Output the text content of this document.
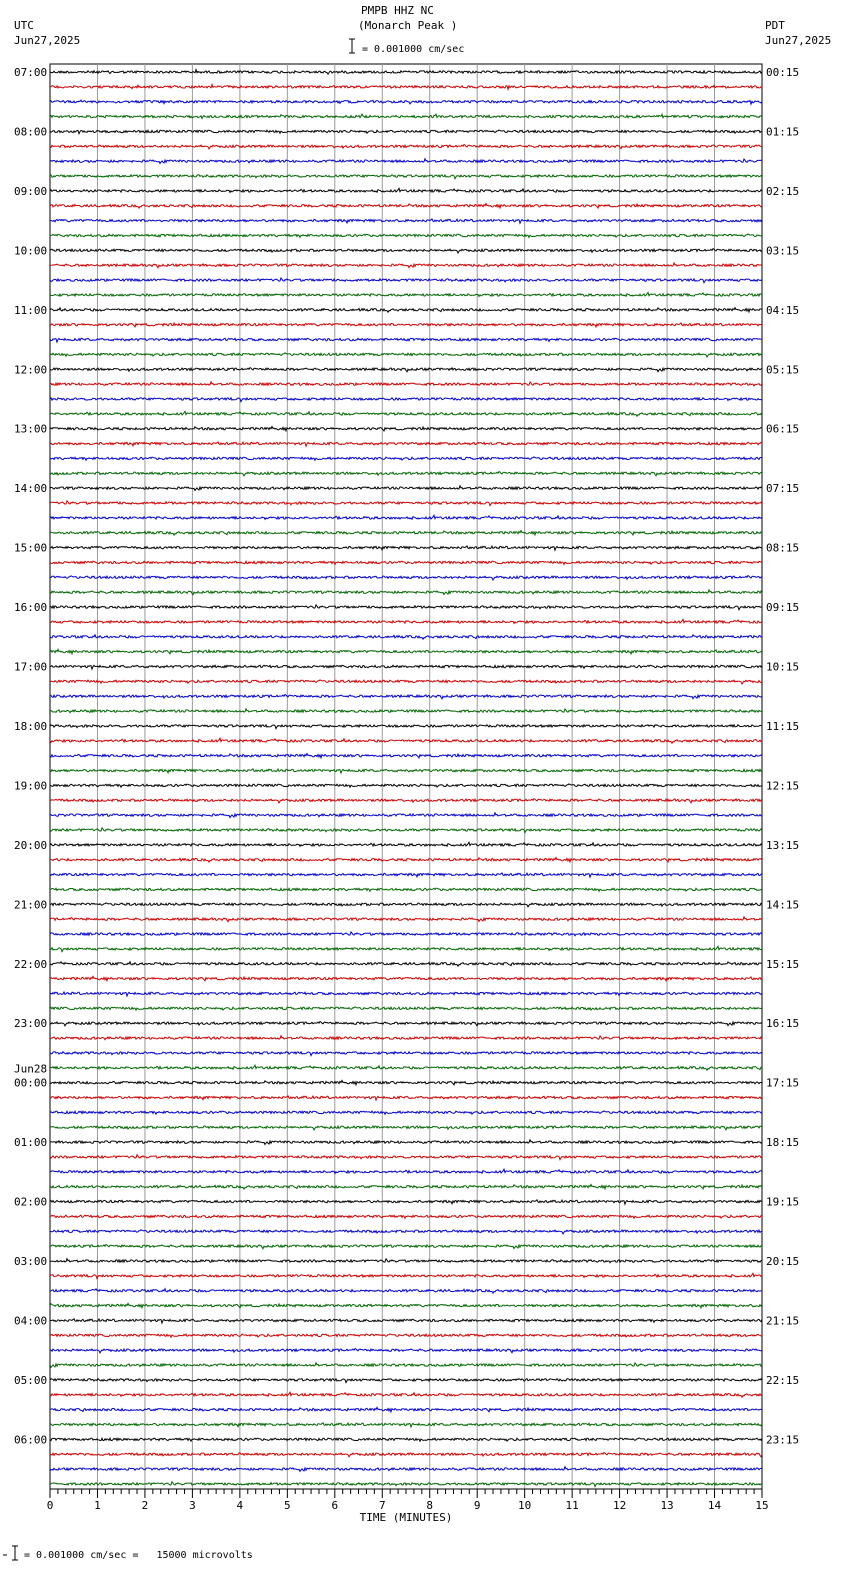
PMPB HHZ NC
(Monarch Peak )
UTC
Jun27,2025
PDT
Jun27,2025
= 0.001000 cm/sec
= 0.001000 cm/sec =   15000 microvolts
0	1	2	3	4	5	6	7	8	9	10	11	12	13	14	15
TIME (MINUTES)
07:00
08:00
09:00
10:00
11:00
12:00
13:00
14:00
15:00
16:00
17:00
18:00
19:00
20:00
21:00
22:00
23:00
00:00
01:00
02:00
03:00
04:00
05:00
06:00
00:15
01:15
02:15
03:15
04:15
05:15
06:15
07:15
08:15
09:15
10:15
11:15
12:15
13:15
14:15
15:15
16:15
17:15
18:15
19:15
20:15
21:15
22:15
23:15
Jun28
